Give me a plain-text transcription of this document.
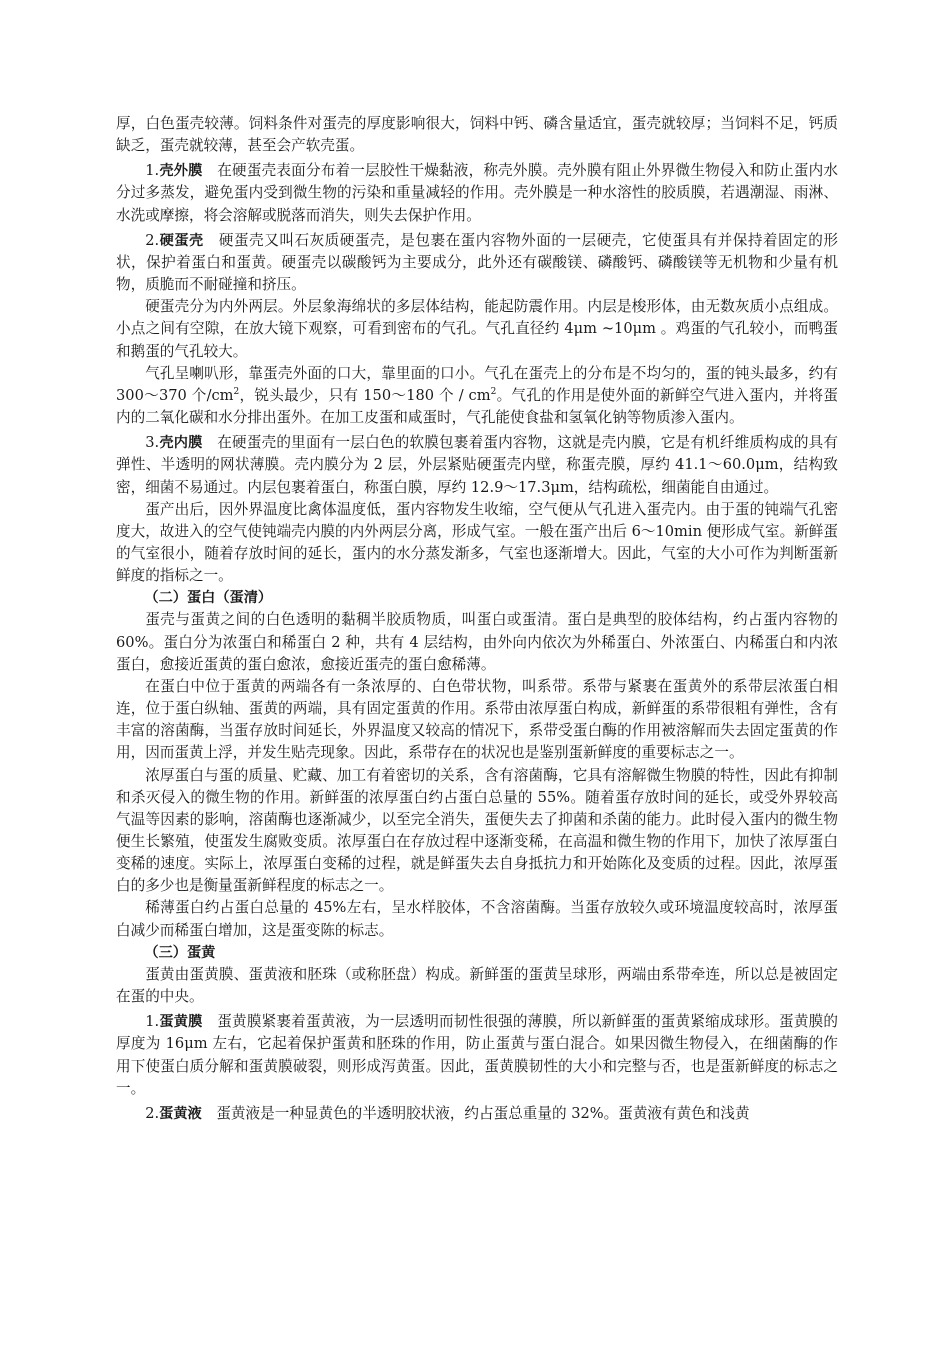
厚，白色蛋壳较薄。饲料条件对蛋壳的厚度影响很大，饲料中钙、磷含量适宜，蛋壳就较厚；当饲料不足，钙质缺乏，蛋壳就较薄，甚至会产软壳蛋。

1.壳外膜　 在硬蛋壳表面分布着一层胶性干燥黏液，称壳外膜。壳外膜有阻止外界微生物侵入和防止蛋内水分过多蒸发，避免蛋内受到微生物的污染和重量减轻的作用。壳外膜是一种水溶性的胶质膜，若遇潮湿、雨淋、水洗或摩擦，将会溶解或脱落而消失，则失去保护作用。

2.硬蛋壳　 硬蛋壳又叫石灰质硬蛋壳，是包裹在蛋内容物外面的一层硬壳，它使蛋具有并保持着固定的形状，保护着蛋白和蛋黄。硬蛋壳以碳酸钙为主要成分，此外还有碳酸镁、磷酸钙、磷酸镁等无机物和少量有机物，质脆而不耐碰撞和挤压。

硬蛋壳分为内外两层。外层象海绵状的多层体结构，能起防震作用。内层是梭形体，由无数灰质小点组成。小点之间有空隙，在放大镜下观察，可看到密布的气孔。气孔直径约 4μm ~10μm 。鸡蛋的气孔较小，而鸭蛋和鹅蛋的气孔较大。

气孔呈喇叭形，靠蛋壳外面的口大，靠里面的口小。气孔在蛋壳上的分布是不均匀的，蛋的钝头最多，约有 300～370 个$/cm^2$，锐头最少，只有 150～180 个 / $cm^2$。气孔的作用是使外面的新鲜空气进入蛋内，并将蛋内的二氧化碳和水分排出蛋外。在加工皮蛋和咸蛋时，气孔能使食盐和氢氧化钠等物质渗入蛋内。

3.壳内膜　 在硬蛋壳的里面有一层白色的软膜包裹着蛋内容物，这就是壳内膜，它是有机纤维质构成的具有弹性、半透明的网状薄膜。壳内膜分为 2 层，外层紧贴硬蛋壳内壁，称蛋壳膜，厚约 41.1～60.0μm，结构致密，细菌不易通过。内层包裹着蛋白，称蛋白膜，厚约 12.9～17.3μm，结构疏松，细菌能自由通过。

蛋产出后，因外界温度比禽体温度低，蛋内容物发生收缩，空气便从气孔进入蛋壳内。由于蛋的钝端气孔密度大，故进入的空气使钝端壳内膜的内外两层分离，形成气室。一般在蛋产出后 6～10min 便形成气室。新鲜蛋的气室很小，随着存放时间的延长，蛋内的水分蒸发渐多，气室也逐渐增大。因此，气室的大小可作为判断蛋新鲜度的指标之一。

（二）蛋白（蛋清）

蛋壳与蛋黄之间的白色透明的黏稠半胶质物质，叫蛋白或蛋清。蛋白是典型的胶体结构，约占蛋内容物的 60%。蛋白分为浓蛋白和稀蛋白 2 种，共有 4 层结构，由外向内依次为外稀蛋白、外浓蛋白、内稀蛋白和内浓蛋白，愈接近蛋黄的蛋白愈浓，愈接近蛋壳的蛋白愈稀薄。

在蛋白中位于蛋黄的两端各有一条浓厚的、白色带状物，叫系带。系带与紧裹在蛋黄外的系带层浓蛋白相连，位于蛋白纵轴、蛋黄的两端，具有固定蛋黄的作用。系带由浓厚蛋白构成，新鲜蛋的系带很粗有弹性，含有丰富的溶菌酶，当蛋存放时间延长，外界温度又较高的情况下，系带受蛋白酶的作用被溶解而失去固定蛋黄的作用，因而蛋黄上浮，并发生贴壳现象。因此，系带存在的状况也是鉴别蛋新鲜度的重要标志之一。

浓厚蛋白与蛋的质量、贮藏、加工有着密切的关系，含有溶菌酶，它具有溶解微生物膜的特性，因此有抑制和杀灭侵入的微生物的作用。新鲜蛋的浓厚蛋白约占蛋白总量的 55%。随着蛋存放时间的延长，或受外界较高气温等因素的影响，溶菌酶也逐渐减少，以至完全消失，蛋便失去了抑菌和杀菌的能力。此时侵入蛋内的微生物便生长繁殖，使蛋发生腐败变质。浓厚蛋白在存放过程中逐渐变稀，在高温和微生物的作用下，加快了浓厚蛋白变稀的速度。实际上，浓厚蛋白变稀的过程，就是鲜蛋失去自身抵抗力和开始陈化及变质的过程。因此，浓厚蛋白的多少也是衡量蛋新鲜程度的标志之一。

稀薄蛋白约占蛋白总量的 45%左右，呈水样胶体，不含溶菌酶。当蛋存放较久或环境温度较高时，浓厚蛋白减少而稀蛋白增加，这是蛋变陈的标志。

（三）蛋黄

蛋黄由蛋黄膜、蛋黄液和胚珠（或称胚盘）构成。新鲜蛋的蛋黄呈球形，两端由系带牵连，所以总是被固定在蛋的中央。

1.蛋黄膜　 蛋黄膜紧裹着蛋黄液，为一层透明而韧性很强的薄膜，所以新鲜蛋的蛋黄紧缩成球形。蛋黄膜的厚度为 16μm 左右，它起着保护蛋黄和胚珠的作用，防止蛋黄与蛋白混合。如果因微生物侵入，在细菌酶的作用下使蛋白质分解和蛋黄膜破裂，则形成泻黄蛋。因此，蛋黄膜韧性的大小和完整与否，也是蛋新鲜度的标志之一。

2.蛋黄液　 蛋黄液是一种显黄色的半透明胶状液，约占蛋总重量的 32%。蛋黄液有黄色和浅黄
